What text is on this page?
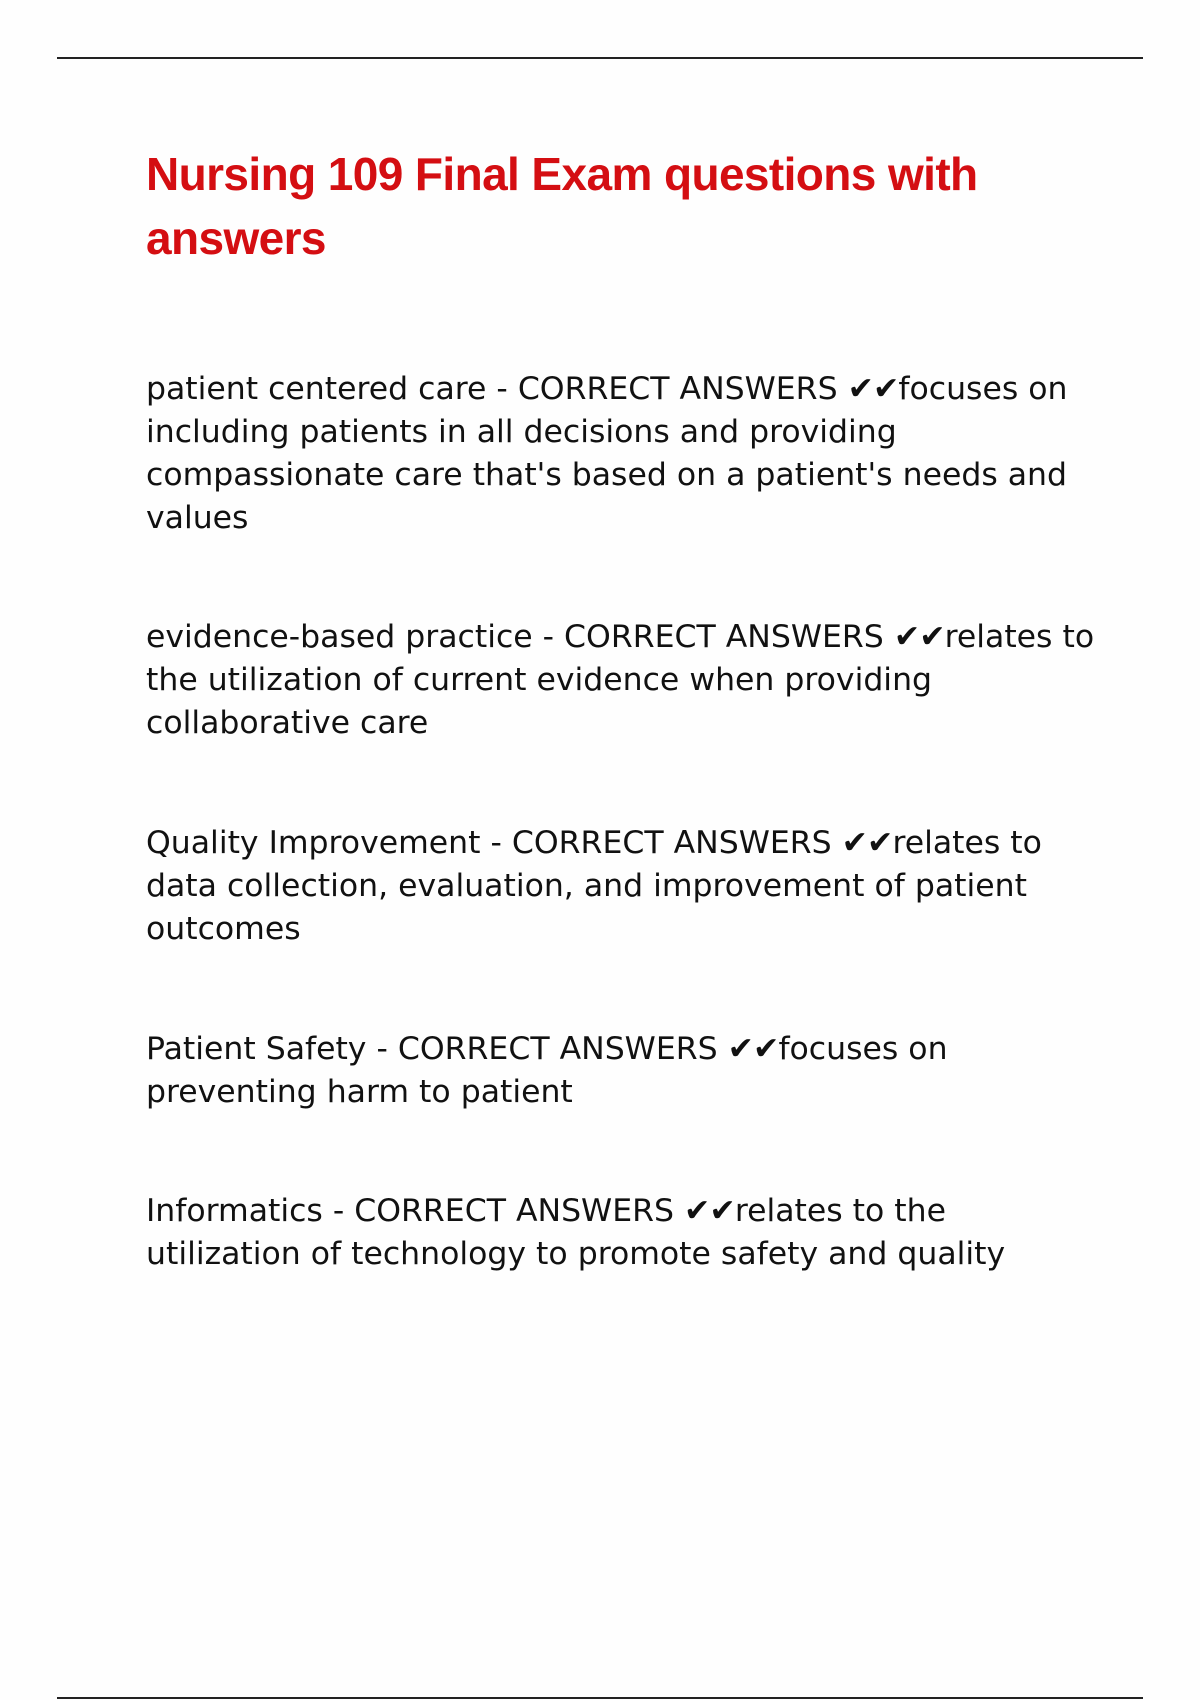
Nursing 109 Final Exam questions with answers

patient centered care - CORRECT ANSWERS ✔✔focuses on including patients in all decisions and providing compassionate care that's based on a patient's needs and values

evidence-based practice - CORRECT ANSWERS ✔✔relates to the utilization of current evidence when providing collaborative care

Quality Improvement - CORRECT ANSWERS ✔✔relates to data collection, evaluation, and improvement of patient outcomes

Patient Safety - CORRECT ANSWERS ✔✔focuses on preventing harm to patient

Informatics - CORRECT ANSWERS ✔✔relates to the utilization of technology to promote safety and quality
